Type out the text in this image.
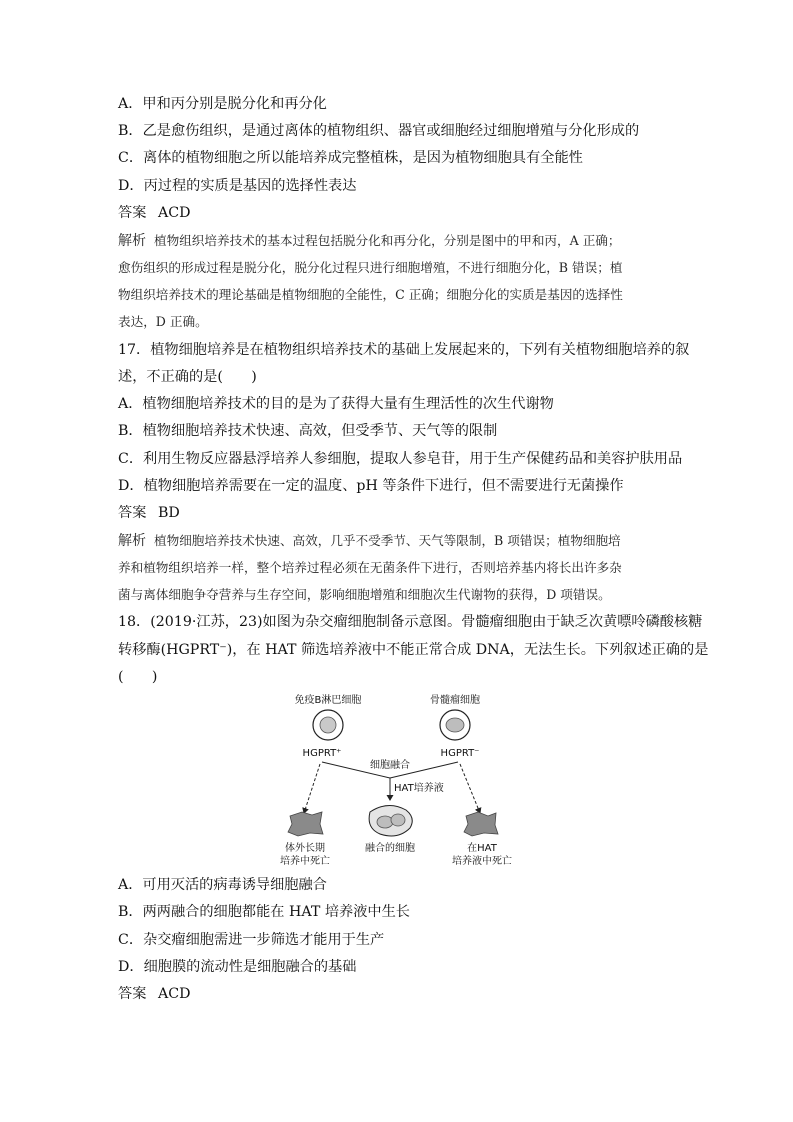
A．甲和丙分别是脱分化和再分化
B．乙是愈伤组织，是通过离体的植物组织、器官或细胞经过细胞增殖与分化形成的
C．离体的植物细胞之所以能培养成完整植株，是因为植物细胞具有全能性
D．丙过程的实质是基因的选择性表达
答案 ACD
解析 植物组织培养技术的基本过程包括脱分化和再分化，分别是图中的甲和丙，A 正确；
愈伤组织的形成过程是脱分化，脱分化过程只进行细胞增殖，不进行细胞分化，B 错误；植
物组织培养技术的理论基础是植物细胞的全能性，C 正确；细胞分化的实质是基因的选择性
表达，D 正确。
17．植物细胞培养是在植物组织培养技术的基础上发展起来的，下列有关植物细胞培养的叙
述，不正确的是(　　)
A．植物细胞培养技术的目的是为了获得大量有生理活性的次生代谢物
B．植物细胞培养技术快速、高效，但受季节、天气等的限制
C．利用生物反应器悬浮培养人参细胞，提取人参皂苷，用于生产保健药品和美容护肤用品
D．植物细胞培养需要在一定的温度、pH 等条件下进行，但不需要进行无菌操作
答案 BD
解析 植物细胞培养技术快速、高效，几乎不受季节、天气等限制，B 项错误；植物细胞培
养和植物组织培养一样，整个培养过程必须在无菌条件下进行，否则培养基内将长出许多杂
菌与离体细胞争夺营养与生存空间，影响细胞增殖和细胞次生代谢物的获得，D 项错误。
18．(2019·江苏，23)如图为杂交瘤细胞制备示意图。骨髓瘤细胞由于缺乏次黄嘌呤磷酸核糖
转移酶(HGPRT⁻)，在 HAT 筛选培养液中不能正常合成 DNA，无法生长。下列叙述正确的是
(　　)
免疫B淋巴细胞	骨髓瘤细胞
HGPRT⁺	HGPRT⁻
细胞融合
HAT培养液
体外长期
培养中死亡
融合的细胞	在HAT
培养液中死亡
A．可用灭活的病毒诱导细胞融合
B．两两融合的细胞都能在 HAT 培养液中生长
C．杂交瘤细胞需进一步筛选才能用于生产
D．细胞膜的流动性是细胞融合的基础
答案 ACD
